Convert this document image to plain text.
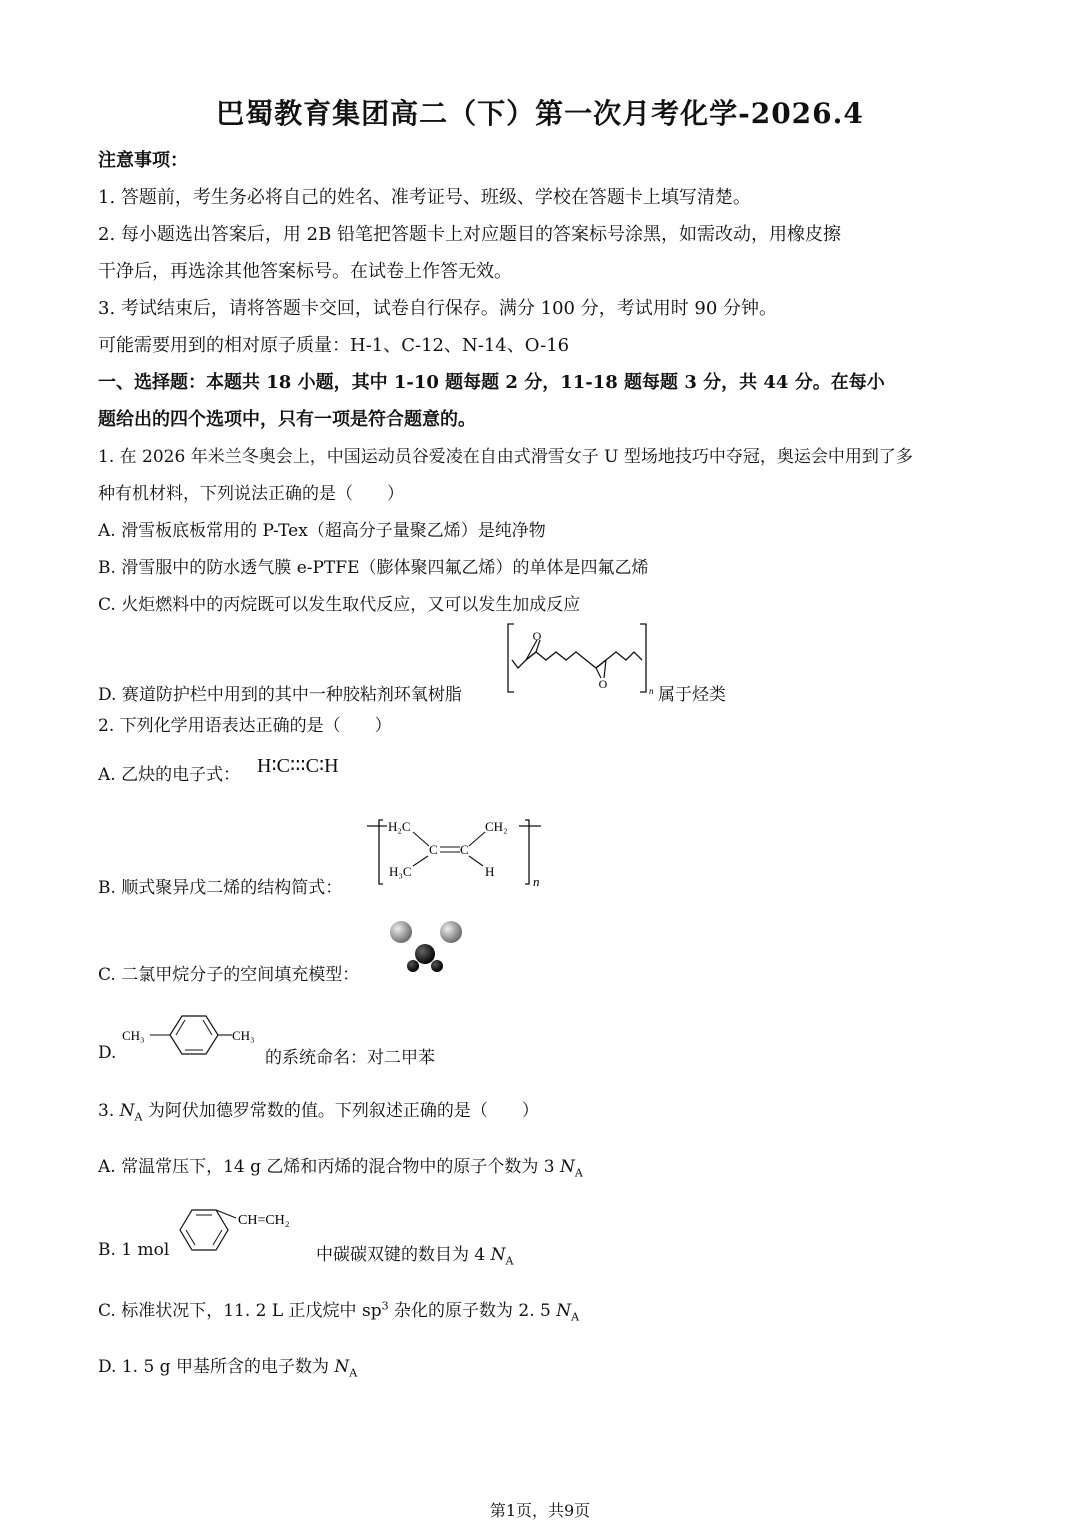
巴蜀教育集团高二（下）第一次月考化学-2026.4
注意事项：
1. 答题前，考生务必将自己的姓名、准考证号、班级、学校在答题卡上填写清楚。
2. 每小题选出答案后，用 2B 铅笔把答题卡上对应题目的答案标号涂黑，如需改动，用橡皮擦
干净后，再选涂其他答案标号。在试卷上作答无效。
3. 考试结束后，请将答题卡交回，试卷自行保存。满分 100 分，考试用时 90 分钟。
可能需要用到的相对原子质量：H-1、C-12、N-14、O-16
一、选择题：本题共 18 小题，其中 1-10 题每题 2 分，11-18 题每题 3 分，共 44 分。在每小
题给出的四个选项中，只有一项是符合题意的。
1. 在 2026 年米兰冬奥会上，中国运动员谷爱凌在自由式滑雪女子 U 型场地技巧中夺冠，奥运会中用到了多
种有机材料，下列说法正确的是（　　）
A. 滑雪板底板常用的 P-Tex（超高分子量聚乙烯）是纯净物
B. 滑雪服中的防水透气膜 e-PTFE（膨体聚四氟乙烯）的单体是四氟乙烯
C. 火炬燃料中的丙烷既可以发生取代反应，又可以发生加成反应
D. 赛道防护栏中用到的其中一种胶粘剂环氧树脂
O
O	n 属于烃类
2. 下列化学用语表达正确的是（　　）
A. 乙炔的电子式： H∶C∶∶∶C∶H
B. 顺式聚异戊二烯的结构简式：
H₂C	CH₂
C C
H₃C	H
n
C. 二氯甲烷分子的空间填充模型：
D.
CH₃	CH₃
的系统命名：对二甲苯
3. $N_A$ 为阿伏加德罗常数的值。下列叙述正确的是（　　）
A. 常温常压下，14 g 乙烯和丙烯的混合物中的原子个数为 3 $N_A$
B. 1 mol
CH=CH₂
中碳碳双键的数目为 4 $N_A$
C. 标准状况下，11. 2 L 正戊烷中 $sp^3$ 杂化的原子数为 2. 5 $N_A$
D. 1. 5 g 甲基所含的电子数为 $N_A$
第1页，共9页
